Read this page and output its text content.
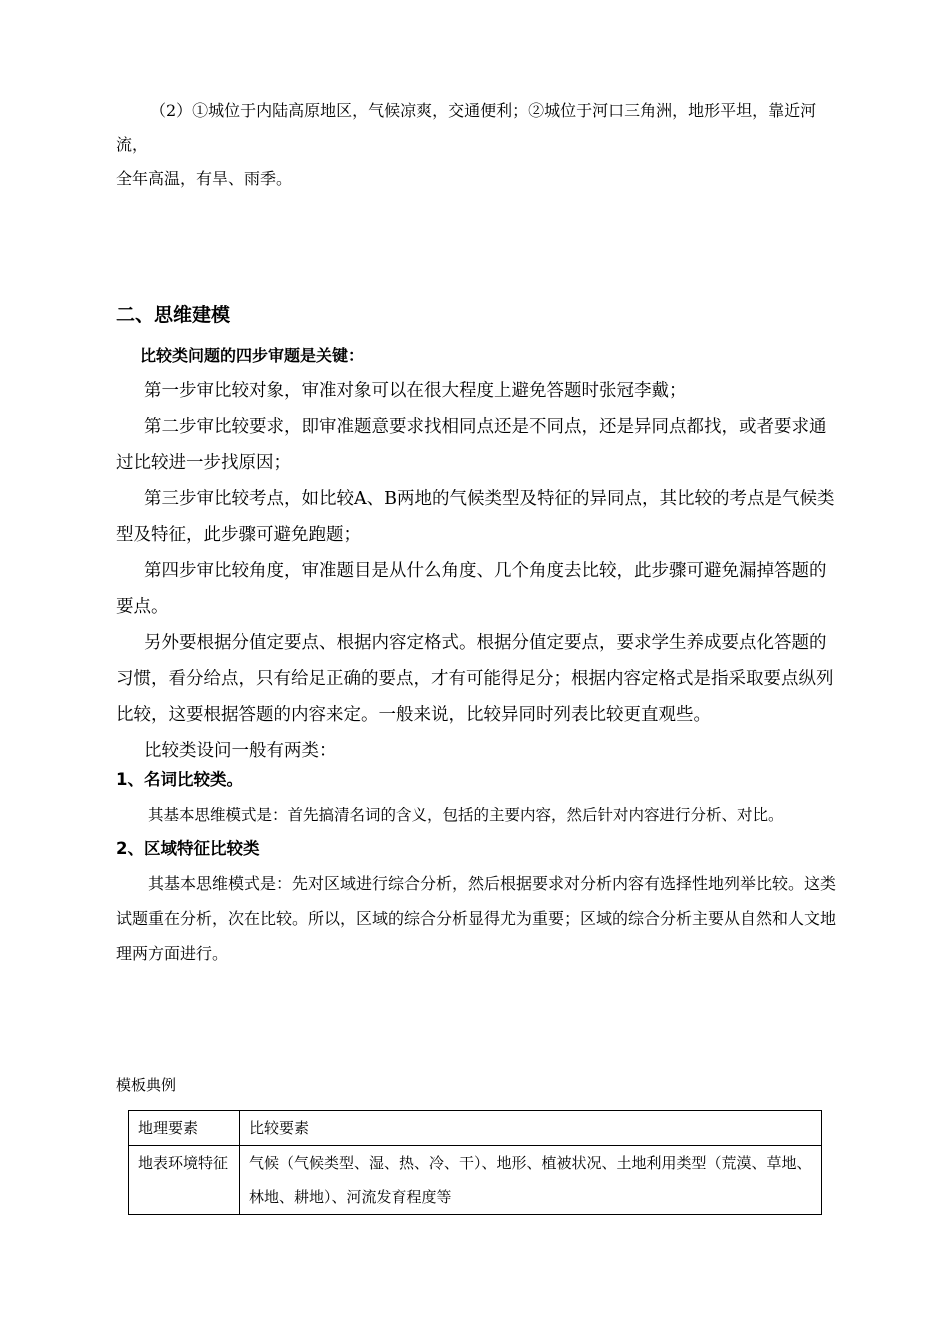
（2）①城位于内陆高原地区，气候凉爽，交通便利；②城位于河口三角洲，地形平坦，靠近河流，

全年高温，有旱、雨季。

二、思维建模

比较类问题的四步审题是关键：

第一步审比较对象，审准对象可以在很大程度上避免答题时张冠李戴；

第二步审比较要求，即审准题意要求找相同点还是不同点，还是异同点都找，或者要求通过比较进一步找原因；

第三步审比较考点，如比较A、B两地的气候类型及特征的异同点，其比较的考点是气候类型及特征，此步骤可避免跑题；

第四步审比较角度，审准题目是从什么角度、几个角度去比较，此步骤可避免漏掉答题的要点。

另外要根据分值定要点、根据内容定格式。根据分值定要点，要求学生养成要点化答题的习惯，看分给点，只有给足正确的要点，才有可能得足分；根据内容定格式是指采取要点纵列比较，这要根据答题的内容来定。一般来说，比较异同时列表比较更直观些。

比较类设问一般有两类：

1、名词比较类。

其基本思维模式是：首先搞清名词的含义，包括的主要内容，然后针对内容进行分析、对比。

2、区域特征比较类

其基本思维模式是：先对区域进行综合分析，然后根据要求对分析内容有选择性地列举比较。这类试题重在分析，次在比较。所以，区域的综合分析显得尤为重要；区域的综合分析主要从自然和人文地理两方面进行。

模板典例
地理要素	比较要素
地表环境特征	气候（气候类型、湿、热、冷、干）、地形、植被状况、土地利用类型（荒漠、草地、林地、耕地）、河流发育程度等
